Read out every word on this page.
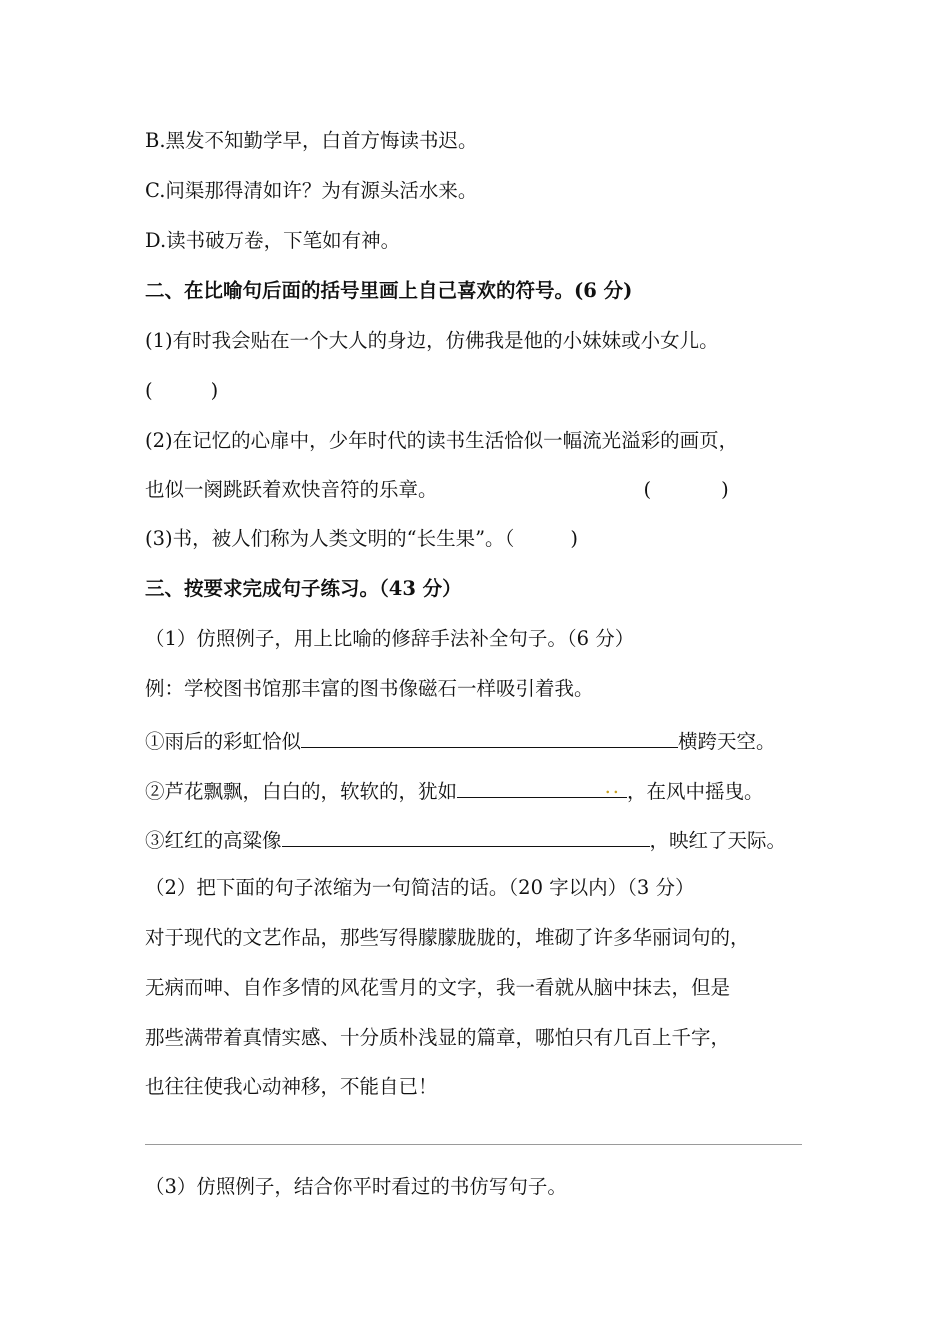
B.黑发不知勤学早，白首方悔读书迟。
C.问渠那得清如许？为有源头活水来。
D.读书破万卷，下笔如有神。
二、在比喻句后面的括号里画上自己喜欢的符号。(6 分)
(1)有时我会贴在一个大人的身边，仿佛我是他的小妹妹或小女儿。
(	)
(2)在记忆的心扉中，少年时代的读书生活恰似一幅流光溢彩的画页，
也似一阕跳跃着欢快音符的乐章。	(	)
(3)书，被人们称为人类文明的“长生果”。（	)
三、按要求完成句子练习。（43 分）
（1）仿照例子，用上比喻的修辞手法补全句子。（6 分）
例：学校图书馆那丰富的图书像磁石一样吸引着我。
①雨后的彩虹恰似	横跨天空。
②芦花飘飘，白白的，软软的，犹如	.. ，在风中摇曳。
③红红的高粱像	，映红了天际。
（2）把下面的句子浓缩为一句简洁的话。（20 字以内）（3 分）
对于现代的文艺作品，那些写得朦朦胧胧的，堆砌了许多华丽词句的，
无病而呻、自作多情的风花雪月的文字，我一看就从脑中抹去，但是
那些满带着真情实感、十分质朴浅显的篇章，哪怕只有几百上千字，
也往往使我心动神移，不能自已！
（3）仿照例子，结合你平时看过的书仿写句子。
